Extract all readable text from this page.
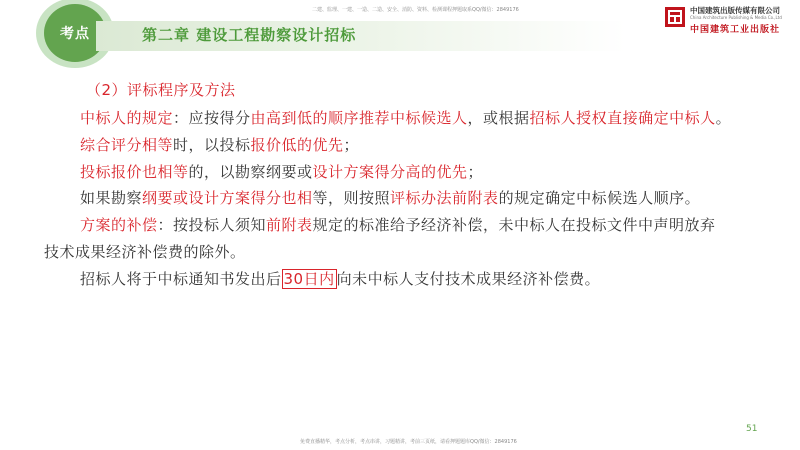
考点	第二章 建设工程勘察设计招标
二建、监理、一建、一造、二造、安全、消防、资料、检测课程押题取系QQ/微信：2849176	中国建筑出版传媒有限公司
China Architecture Publishing & Media Co.,Ltd
中国建筑工业出版社
（2）评标程序及方法
中标人的规定：应按得分由高到低的顺序推荐中标候选人，或根据招标人授权直接确定中标人。
综合评分相等时，以投标报价低的优先；
投标报价也相等的，以勘察纲要或设计方案得分高的优先；
如果勘察纲要或设计方案得分也相等，则按照评标办法前附表的规定确定中标候选人顺序。
方案的补偿：按投标人须知前附表规定的标准给予经济补偿，未中标人在投标文件中声明放弃
技术成果经济补偿费的除外。
招标人将于中标通知书发出后 30日内 向未中标人支付技术成果经济补偿费。
51
免费直播精华，考点分析，考点串讲，习题精讲，考前三页纸，请看押题题库QQ/微信：2849176
